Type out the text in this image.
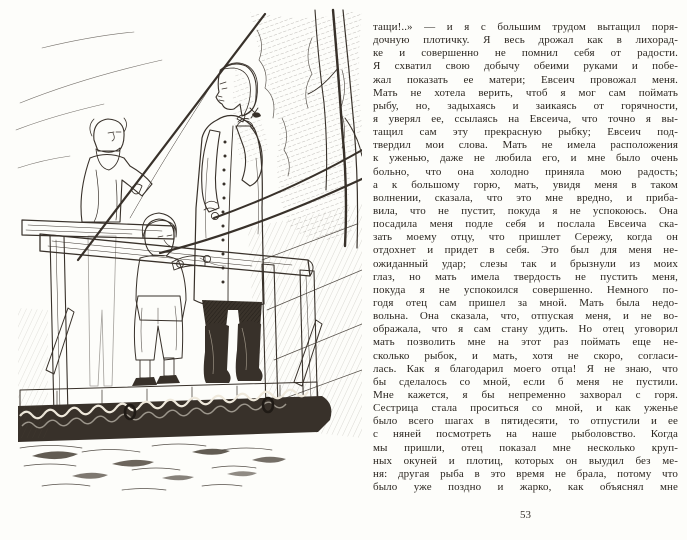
тащи!..» — и я с большим трудом вытащил поря-
дочную плотичку. Я весь дрожал как в лихорад-
ке и совершенно не помнил себя от радости.
Я схватил свою добычу обеими руками и побе-
жал показать ее матери; Евсеич провожал меня.
Мать не хотела верить, чтоб я мог сам поймать
рыбу, но, задыхаясь и заикаясь от горячности,
я уверял ее, ссылаясь на Евсеича, что точно я вы-
тащил сам эту прекрасную рыбку; Евсеич под-
твердил мои слова. Мать не имела расположения
к уженью, даже не любила его, и мне было очень
больно, что она холодно приняла мою радость;
а к большому горю, мать, увидя меня в таком
волнении, сказала, что это мне вредно, и приба-
вила, что не пустит, покуда я не успокоюсь. Она
посадила меня подле себя и послала Евсеича ска-
зать моему отцу, что пришлет Сережу, когда он
отдохнет и придет в себя. Это был для меня не-
ожиданный удар; слезы так и брызнули из моих
глаз, но мать имела твердость не пустить меня,
покуда я не успокоился совершенно. Немного по-
годя отец сам пришел за мной. Мать была недо-
вольна. Она сказала, что, отпуская меня, и не во-
ображала, что я сам стану удить. Но отец уговорил
мать позволить мне на этот раз поймать еще не-
сколько рыбок, и мать, хотя не скоро, согласи-
лась. Как я благодарил моего отца! Я не знаю, что
бы сделалось со мной, если б меня не пустили.
Мне кажется, я бы непременно захворал с горя.
Сестрица стала проситься со мной, и как уженье
было всего шагах в пятидесяти, то отпустили и ее
с няней посмотреть на наше рыболовство. Когда
мы пришли, отец показал мне несколько круп-
ных окуней и плотиц, которых он выудил без ме-
ня: другая рыба в это время не брала, потому что
было уже поздно и жарко, как объяснял мне
53
